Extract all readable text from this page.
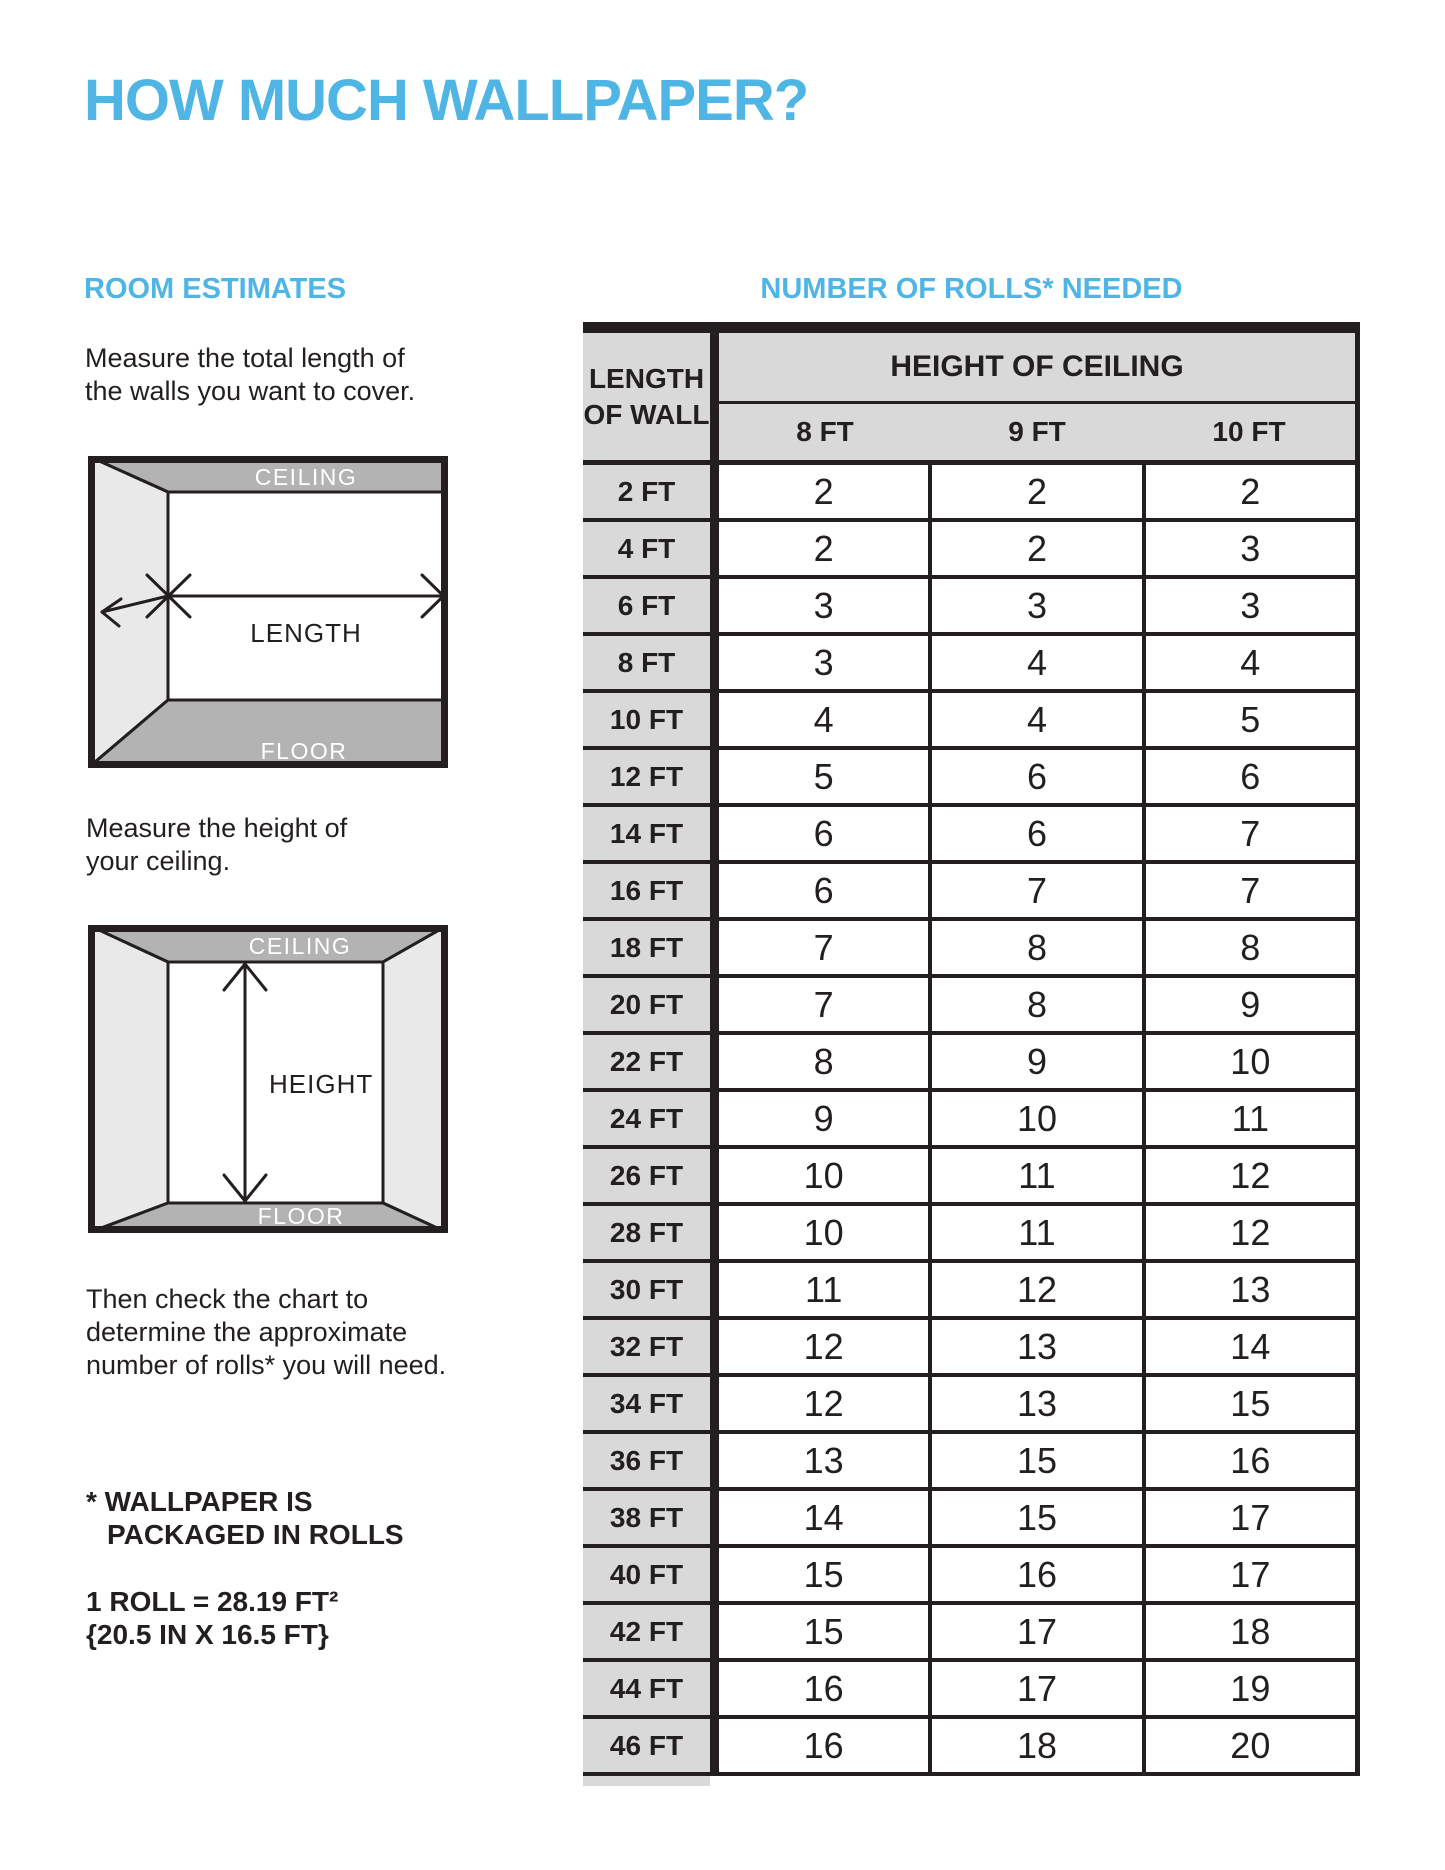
HOW MUCH WALLPAPER?
ROOM ESTIMATES
Measure the total length of
the walls you want to cover.
CEILING
LENGTH
FLOOR
Measure the height of
your ceiling.
CEILING
HEIGHT
FLOOR
Then check the chart to
determine the approximate
number of rolls* you will need.
* WALLPAPER IS
PACKAGED IN ROLLS
1 ROLL = 28.19 FT²
{20.5 IN X 16.5 FT}
NUMBER OF ROLLS* NEEDED
LENGTH
OF WALL
HEIGHT OF CEILING
8 FT	9 FT	10 FT
2 FT	2	2	2
4 FT	2	2	3
6 FT	3	3	3
8 FT	3	4	4
10 FT	4	4	5
12 FT	5	6	6
14 FT	6	6	7
16 FT	6	7	7
18 FT	7	8	8
20 FT	7	8	9
22 FT	8	9	10
24 FT	9	10	11
26 FT	10	11	12
28 FT	10	11	12
30 FT	11	12	13
32 FT	12	13	14
34 FT	12	13	15
36 FT	13	15	16
38 FT	14	15	17
40 FT	15	16	17
42 FT	15	17	18
44 FT	16	17	19
46 FT	16	18	20
